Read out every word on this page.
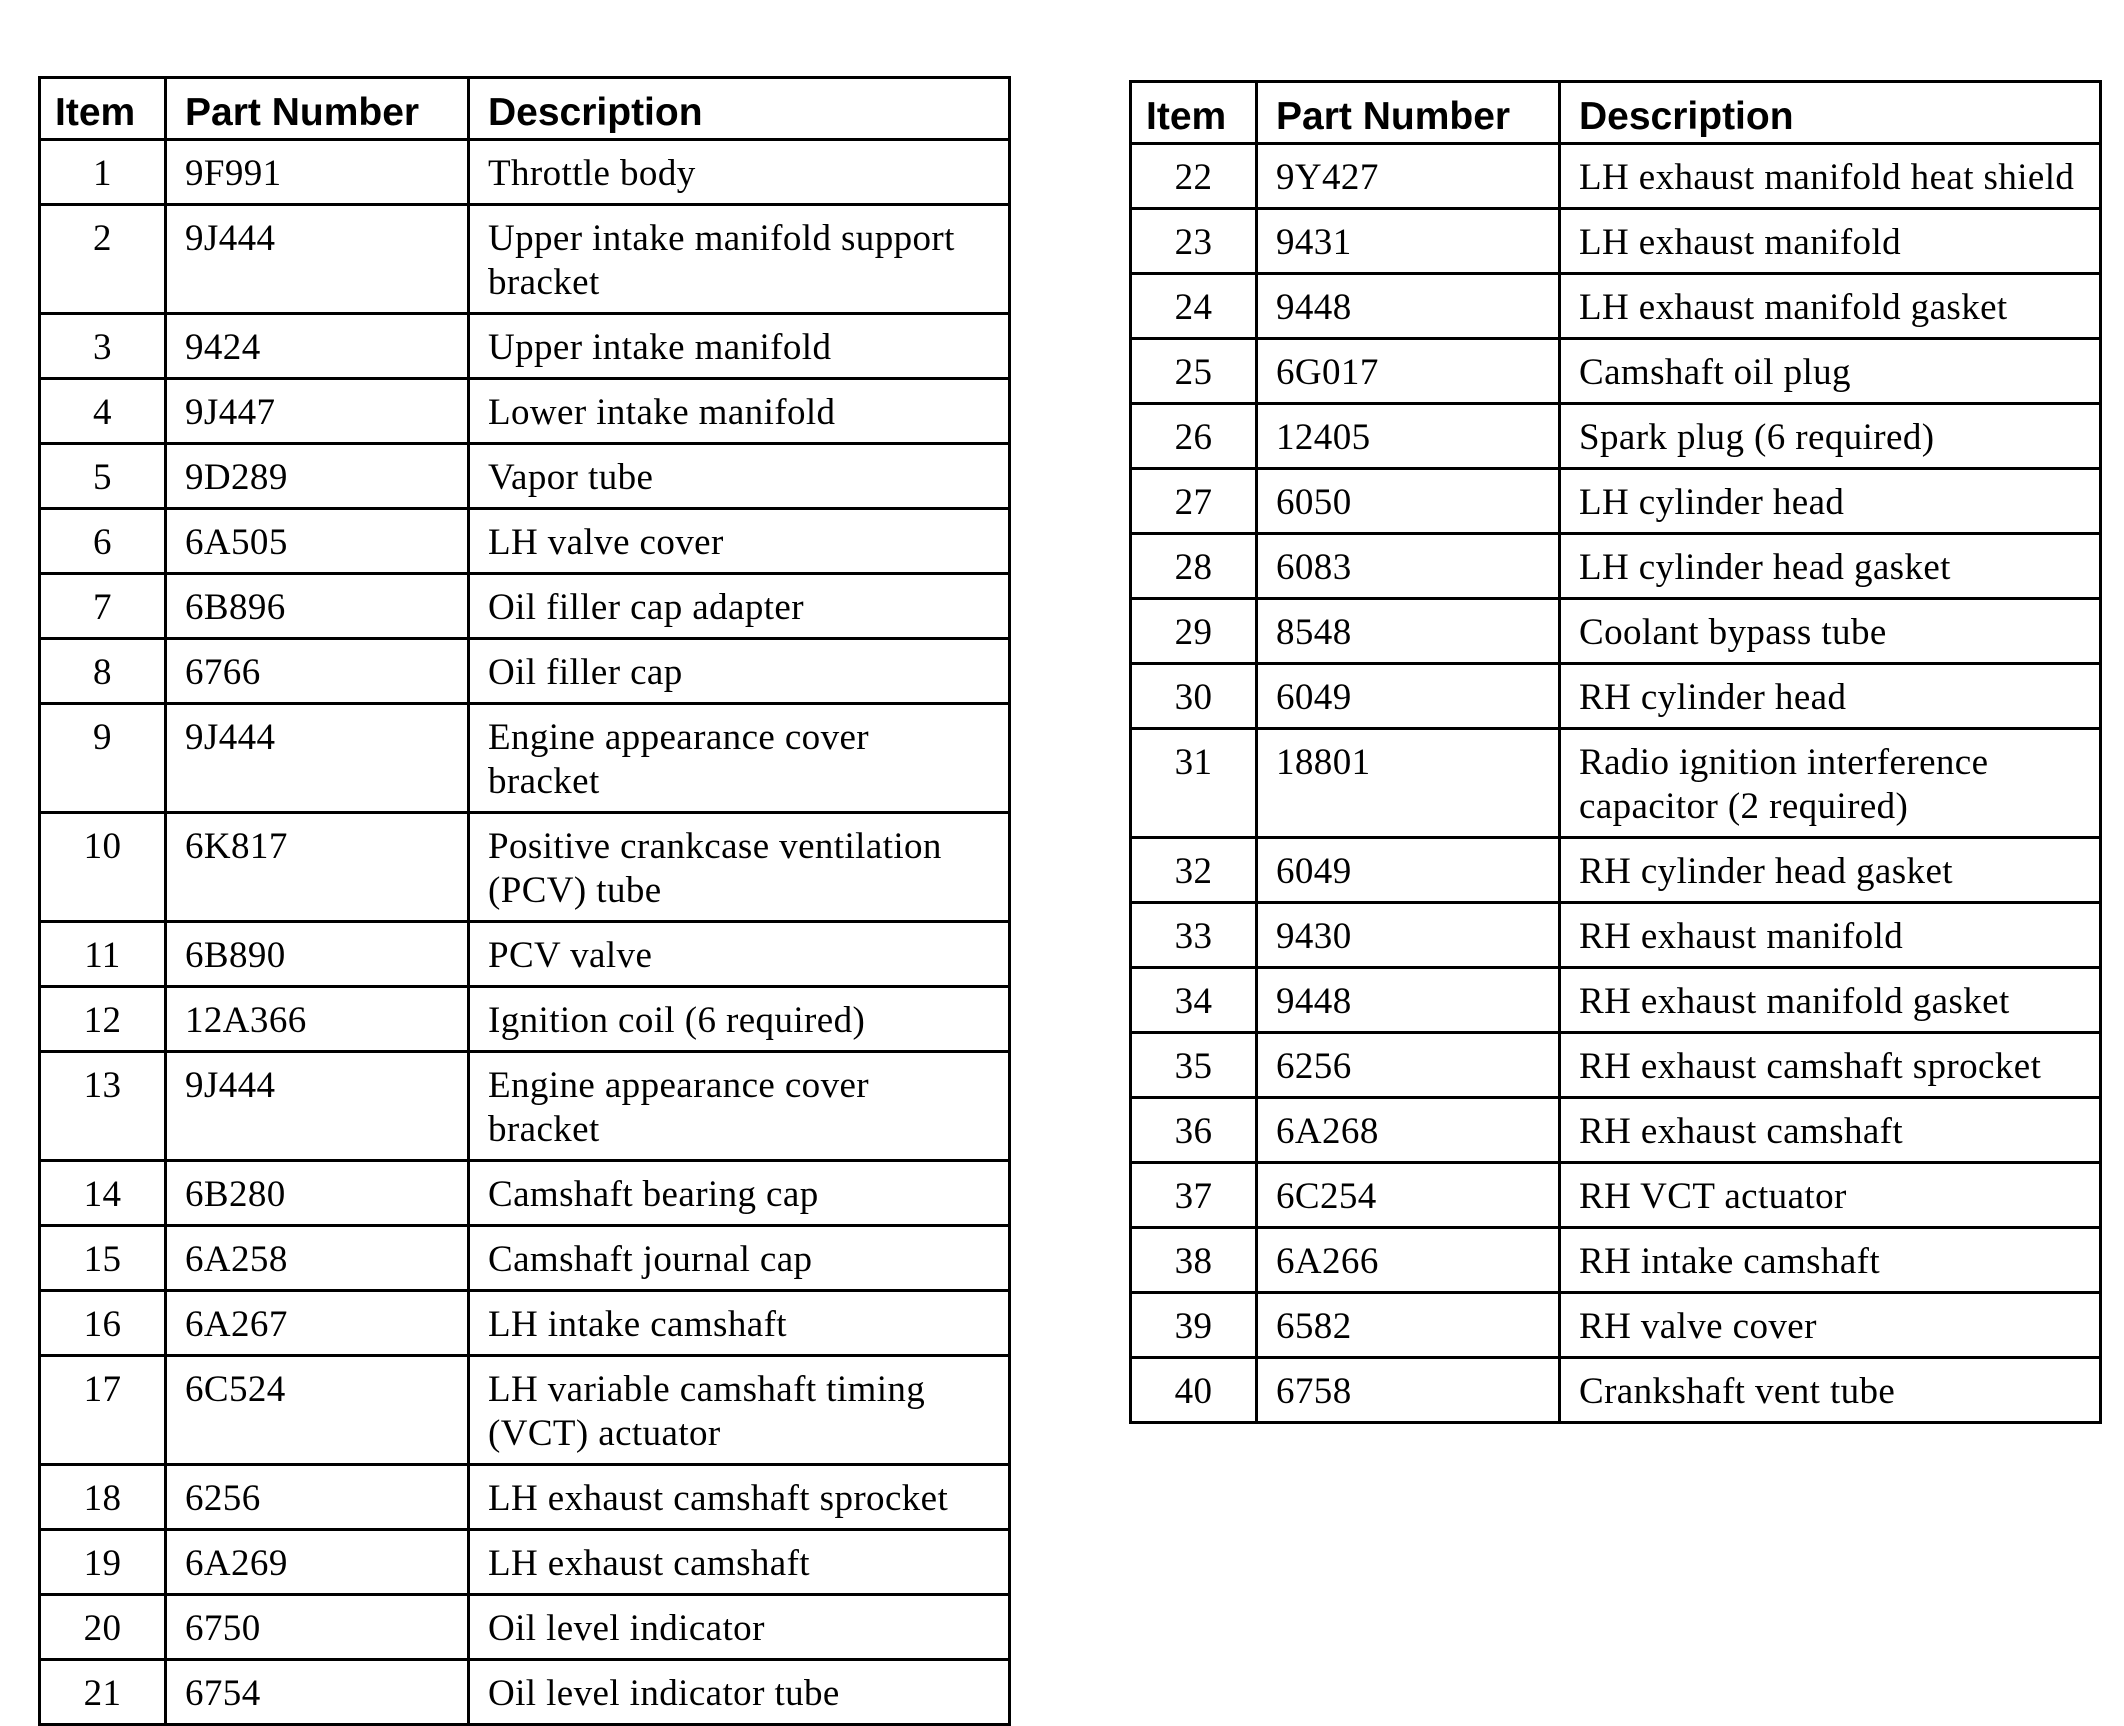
Item	Part Number	Description
1	9F991	Throttle body
2	9J444	Upper intake manifold support bracket
3	9424	Upper intake manifold
4	9J447	Lower intake manifold
5	9D289	Vapor tube
6	6A505	LH valve cover
7	6B896	Oil filler cap adapter
8	6766	Oil filler cap
9	9J444	Engine appearance cover bracket
10	6K817	Positive crankcase ventilation (PCV) tube
11	6B890	PCV valve
12	12A366	Ignition coil (6 required)
13	9J444	Engine appearance cover bracket
14	6B280	Camshaft bearing cap
15	6A258	Camshaft journal cap
16	6A267	LH intake camshaft
17	6C524	LH variable camshaft timing (VCT) actuator
18	6256	LH exhaust camshaft sprocket
19	6A269	LH exhaust camshaft
20	6750	Oil level indicator
21	6754	Oil level indicator tube
Item	Part Number	Description
22	9Y427	LH exhaust manifold heat shield
23	9431	LH exhaust manifold
24	9448	LH exhaust manifold gasket
25	6G017	Camshaft oil plug
26	12405	Spark plug (6 required)
27	6050	LH cylinder head
28	6083	LH cylinder head gasket
29	8548	Coolant bypass tube
30	6049	RH cylinder head
31	18801	Radio ignition interference capacitor (2 required)
32	6049	RH cylinder head gasket
33	9430	RH exhaust manifold
34	9448	RH exhaust manifold gasket
35	6256	RH exhaust camshaft sprocket
36	6A268	RH exhaust camshaft
37	6C254	RH VCT actuator
38	6A266	RH intake camshaft
39	6582	RH valve cover
40	6758	Crankshaft vent tube
